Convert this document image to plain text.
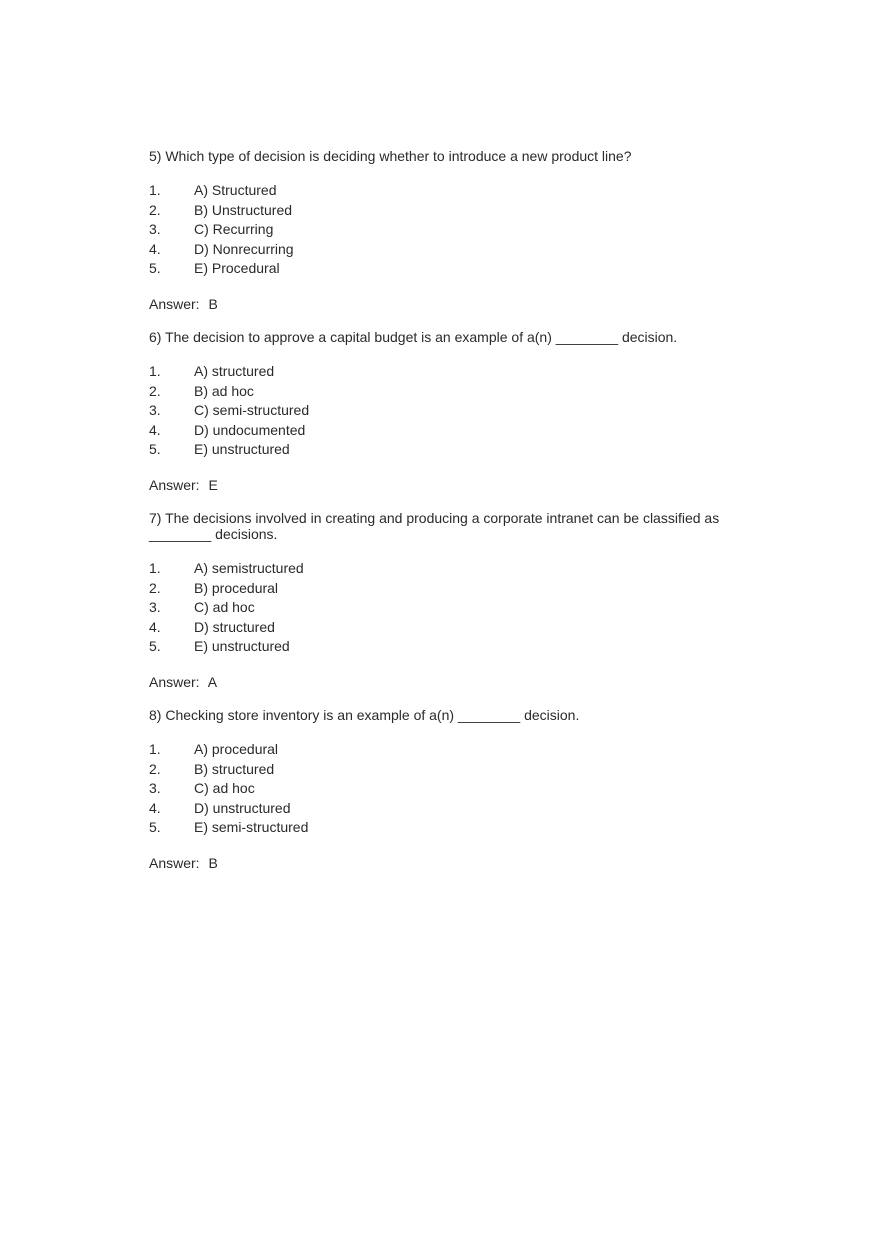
5) Which type of decision is deciding whether to introduce a new product line?

1.	A) Structured
2.	B) Unstructured
3.	C) Recurring
4.	D) Nonrecurring
5.	E) Procedural

Answer: B

6) The decision to approve a capital budget is an example of a(n) ________ decision.

1.	A) structured
2.	B) ad hoc
3.	C) semi-structured
4.	D) undocumented
5.	E) unstructured

Answer: E

7) The decisions involved in creating and producing a corporate intranet can be classified as
________ decisions.

1.	A) semistructured
2.	B) procedural
3.	C) ad hoc
4.	D) structured
5.	E) unstructured

Answer: A

8) Checking store inventory is an example of a(n) ________ decision.

1.	A) procedural
2.	B) structured
3.	C) ad hoc
4.	D) unstructured
5.	E) semi-structured

Answer: B
